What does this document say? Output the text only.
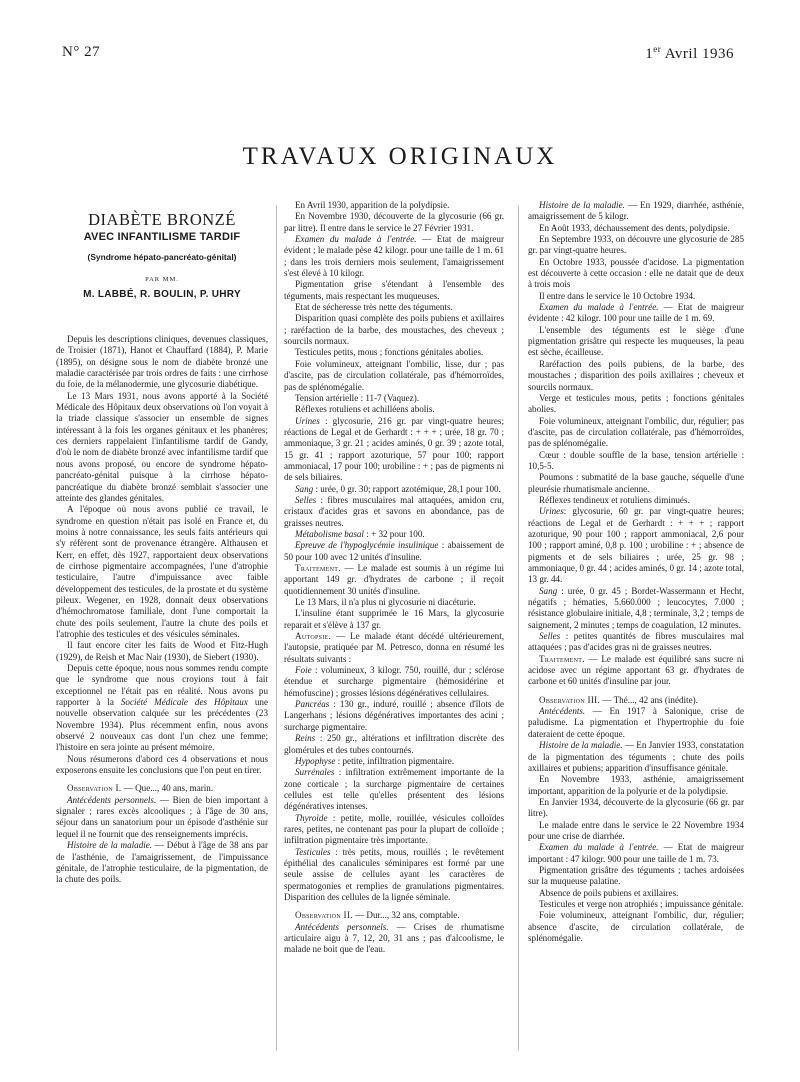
N° 27	1er Avril 1936
TRAVAUX ORIGINAUX
DIABÈTE BRONZÉ
AVEC INFANTILISME TARDIF
(Syndrome hépato-pancréato-génital)
PAR MM.
M. LABBÉ, R. BOULIN, P. UHRY

Depuis les descriptions cliniques, devenues classiques, de Troisier (1871), Hanot et Chauffard (1884), P. Marie (1895), on désigne sous le nom de diabète bronzé une maladie caractérisée par trois ordres de faits : une cirrhose du foie, de la mélanodermie, une glycosurie diabétique.

Le 13 Mars 1931, nous avons apporté à la Société Médicale des Hôpitaux deux observations où l'on voyait à la triade classique s'associer un ensemble de signes intéressant à la fois les organes génitaux et les phanères; ces derniers rappelaient l'infantilisme tardif de Gandy, d'où le nom de diabète bronzé avec infantilisme tardif que nous avons proposé, ou encore de syndrome hépato-pancréato-génital puisque à la cirrhose hépato-pancréatique du diabète bronzé semblait s'associer une atteinte des glandes génitales.

A l'époque où nous avons publié ce travail, le syndrome en question n'était pas isolé en France et, du moins à notre connaissance, les seuls faits antérieurs qui s'y réfèrent sont de provenance étrangère. Althausen et Kerr, en effet, dès 1927, rapportaient deux observations de cirrhose pigmentaire accompagnées, l'une d'atrophie testiculaire, l'autre d'impuissance avec faible développement des testicules, de la prostate et du système pileux. Wegener, en 1928, donnait deux observations d'hémochromatose familiale, dont l'une comportait la chute des poils seulement, l'autre la chute des poils et l'atrophie des testicules et des vésicules séminales.

Il faut encore citer les faits de Wood et Fitz-Hugh (1929), de Reish et Mac Nair (1930), de Siebert (1930).

Depuis cette époque, nous nous sommes rendu compte que le syndrome que nous croyions tout à fait exceptionnel ne l'était pas en réalité. Nous avons pu rapporter à la Société Médicale des Hôpitaux une nouvelle observation calquée sur les précédentes (23 Novembre 1934). Plus récemment enfin, nous avons observé 2 nouveaux cas dont l'un chez une femme; l'histoire en sera jointe au présent mémoire.

Nous résumerons d'abord ces 4 observations et nous exposerons ensuite les conclusions que l'on peut en tirer.

Observation I. — Que..., 40 ans, marin.

Antécédents personnels. — Bien de bien important à signaler ; rares excès alcooliques ; à l'âge de 30 ans, séjour dans un sanatorium pour un épisode d'asthénie sur lequel il ne fournit que des renseignements imprécis.

Histoire de la maladie. — Début à l'âge de 38 ans par de l'asthénie, de l'amaigrissement, de l'impuissance génitale, de l'atrophie testiculaire, de la pigmentation, de la chute des poils.

En Avril 1930, apparition de la polydipsie.

En Novembre 1930, découverte de la glycosurie (66 gr. par litre). Il entre dans le service le 27 Février 1931.

Examen du malade à l'entrée. — Etat de maigreur évident ; le malade pèse 42 kilogr. pour une taille de 1 m. 61 ; dans les trois derniers mois seulement, l'amaigrissement s'est élevé à 10 kilogr.

Pigmentation grise s'étendant à l'ensemble des téguments, mais respectant les muqueuses.

Etat de sécheresse très nette des téguments.

Disparition quasi complète des poils pubiens et axillaires ; raréfaction de la barbe, des moustaches, des cheveux ; sourcils normaux.

Testicules petits, mous ; fonctions génitales abolies.

Foie volumineux, atteignant l'ombilic, lisse, dur ; pas d'ascite, pas de circulation collatérale, pas d'hémorroïdes, pas de splénomégalie.

Tension artérielle : 11-7 (Vaquez).

Réflexes rotuliens et achilléens abolis.

Urines : glycosurie, 216 gr. par vingt-quatre heures; réactions de Legal et de Gerhardt : + + + ; urée, 18 gr. 70 ; ammoniaque, 3 gr. 21 ; acides aminés, 0 gr. 39 ; azote total, 15 gr. 41 ; rapport azoturique, 57 pour 100; rapport ammoniacal, 17 pour 100; urobiline : + ; pas de pigments ni de sels biliaires.

Sang : urée, 0 gr. 30; rapport azotémique, 28,1 pour 100.

Selles : fibres musculaires mal attaquées, amidon cru, cristaux d'acides gras et savons en abondance, pas de graisses neutres.

Métabolisme basal : + 32 pour 100.

Epreuve de l'hypoglycémie insulinique : abaissement de 50 pour 100 avec 12 unités d'insuline.

Traitement. — Le malade est soumis à un régime lui apportant 149 gr. d'hydrates de carbone ; il reçoit quotidiennement 30 unités d'insuline.

Le 13 Mars, il n'a plus ni glycosurie ni diacéturie.

L'insuline étant supprimée le 16 Mars, la glycosurie reparait et s'élève à 137 gr.

Autopsie. — Le malade étant décédé ultérieurement, l'autopsie, pratiquée par M. Petresco, donna en résumé les résultats suivants :

Foie : volumineux, 3 kilogr. 750, rouillé, dur ; sclérose étendue et surcharge pigmentaire (hémosidérine et hémofuscine) ; grosses lésions dégénératives cellulaires.

Pancréas : 130 gr., induré, rouillé ; absence d'îlots de Langerhans ; lésions dégénératives importantes des acini ; surcharge pigmentaire.

Reins : 250 gr., altérations et infiltration discrète des glomérules et des tubes contournés.

Hypophyse : petite, infiltration pigmentaire.

Surrénales : infiltration extrêmement importante de la zone corticale ; la surcharge pigmentaire de certaines cellules est telle qu'elles présentent des lésions dégénératives intenses.

Thyroïde : petite, molle, rouillée, vésicules colloïdes rares, petites, ne contenant pas pour la plupart de colloïde ; infiltration pigmentaire très importante.

Testicules : très petits, mous, rouillés ; le revêtement épithélial des canalicules séminipares est formé par une seule assise de cellules ayant les caractères de spermatogonies et remplies de granulations pigmentaires. Disparition des cellules de la lignée séminale.

Observation II. — Dur..., 32 ans, comptable.

Antécédents personnels. — Crises de rhumatisme articulaire aigu à 7, 12, 20, 31 ans ; pas d'alcoolisme, le malade ne boit que de l'eau.

Histoire de la maladie. — En 1929, diarrhée, asthénie, amaigrissement de 5 kilogr.

En Août 1933, déchaussement des dents, polydipsie.

En Septembre 1933, on découvre une glycosurie de 285 gr. par vingt-quatre heures.

En Octobre 1933, poussée d'acidose. La pigmentation est découverte à cette occasion : elle ne datait que de deux à trois mois

Il entre dans le service le 10 Octobre 1934.

Examen du malade à l'entrée. — Etat de maigreur évidente : 42 kilogr. 100 pour une taille de 1 m. 69.

L'ensemble des téguments est le siège d'une pigmentation grisâtre qui respecte les muqueuses, la peau est sèche, écailleuse.

Raréfaction des poils pubiens, de la barbe, des moustaches ; disparition des poils axillaires ; cheveux et sourcils normaux.

Verge et testicules mous, petits ; fonctions génitales abolies.

Foie volumineux, atteignant l'ombilic, dur, régulier; pas d'ascite, pas de circulation collatérale, pas d'hémorroïdes, pas de splénomégalie.

Cœur : double souffle de la base, tension artérielle : 10,5-5.

Poumons : submatité de la base gauche, séquelle d'une pleurésie rhumatismale ancienne.

Réflexes tendineux et rotuliens diminués.

Urines: glycosurie, 60 gr. par vingt-quatre heures; réactions de Legal et de Gerhardt : + + + ; rapport azoturique, 90 pour 100 ; rapport ammoniacal, 2,6 pour 100 ; rapport aminé, 0,8 p. 100 ; urobiline : + ; absence de pigments et de sels biliaires ; urée, 25 gr. 98 ; ammoniaque, 0 gr. 44 ; acides aminés, 0 gr. 14 ; azote total, 13 gr. 44.

Sang : urée, 0 gr. 45 ; Bordet-Wassermann et Hecht, négatifs ; hématies, 5.660.000 ; leucocytes, 7.000 ; résistance globulaire initiale, 4,8 ; terminale, 3,2 ; temps de saignement, 2 minutes ; temps de coagulation, 12 minutes.

Selles : petites quantités de fibres musculaires mal attaquées ; pas d'acides gras ni de graisses neutres.

Traitement. — Le malade est équilibré sans sucre ni acidose avec un régime apportant 63 gr. d'hydrates de carbone et 60 unités d'insuline par jour.

Observation III. — Thé..., 42 ans (inédite).

Antécédents. — En 1917 à Salonique, crise de paludisme. La pigmentation et l'hypertrophie du foie dateraient de cette époque.

Histoire de la maladie. — En Janvier 1933, constatation de la pigmentation des téguments ; chute des poils axillaires et pubiens; apparition d'insuffisance génitale.

En Novembre 1933, asthénie, amaigrissement important, apparition de la polyurie et de la polydipsie.

En Janvier 1934, découverte de la glycosurie (66 gr. par litre).

Le malade entre dans le service le 22 Novembre 1934 pour une crise de diarrhée.

Examen du malade à l'entrée. — Etat de maigreur important : 47 kilogr. 900 pour une taille de 1 m. 73.

Pigmentation grisâtre des téguments ; taches ardoisées sur la muqueuse palatine.

Absence de poils pubiens et axillaires.

Testicules et verge non atrophiés ; impuissance génitale.

Foie volumineux, atteignant l'ombilic, dur, régulier; absence d'ascite, de circulation collatérale, de splénomégalie.
